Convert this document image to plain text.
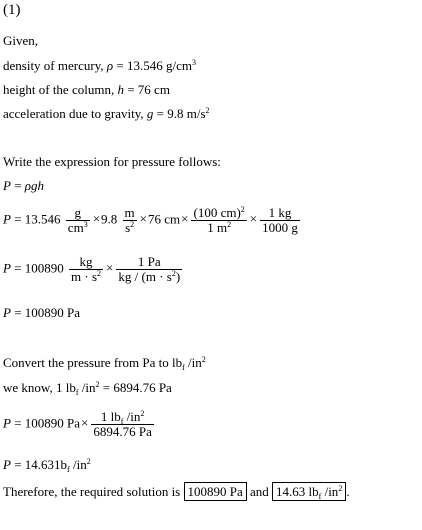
(1)
Given,
density of mercury, ρ = 13.546 $g/cm^3$
height of the column, h = 76 cm
acceleration due to gravity, g = 9.8 $m/s^2$
Write the expression for pressure follows:
P = ρgh
$P = 13.546 \frac{g}{cm^3} \times 9.8 \frac{m}{s^2} \times 76$ $cm\times \frac{(100 cm)^2}{1 m^2} \times \frac{1 kg}{1000 g}$
$P = 100890 \frac{kg}{m \cdot s^2} \times \frac{1 Pa}{kg / (m \cdot s^2)}$
P = 100890 Pa
Convert the pressure from Pa to $lb_f$ $/in^2$
we know, 1 $lb_f$ $/in^2 = 6894.76$ Pa
P = 100890 $Pa\times \frac{1 lb_f /in^2}{6894.76 Pa}$
$P = 14.631b_f$ $/in^2$
Therefore, the required solution is 100890 Pa and 14.63 $lb_f$ $/in^2$ .
